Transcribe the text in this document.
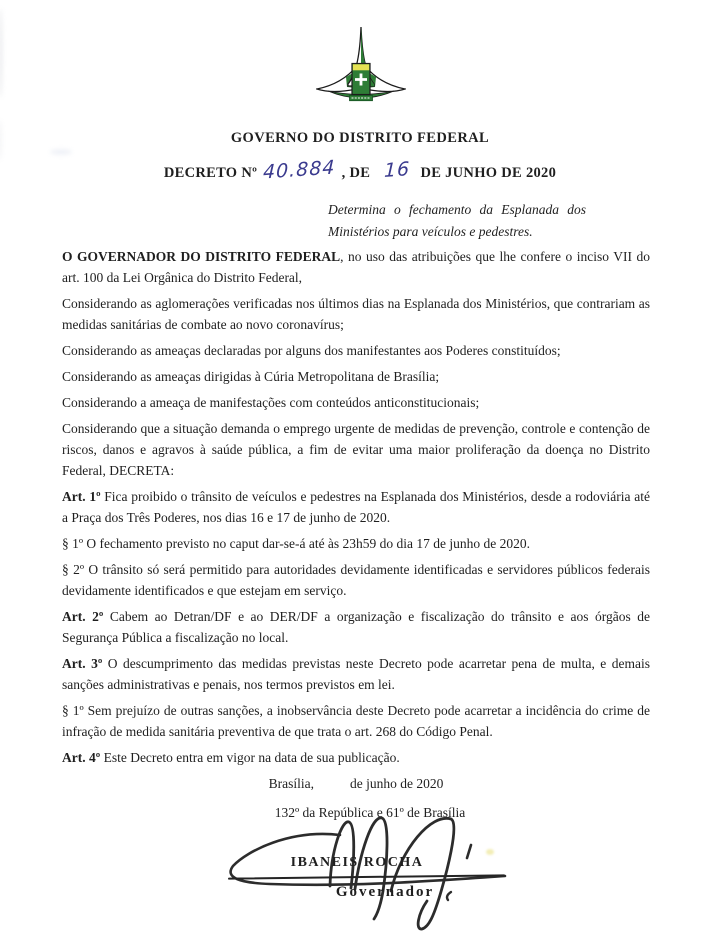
GOVERNO DO DISTRITO FEDERAL
DECRETO Nº 40.884 , DE 16 DE JUNHO DE 2020
Determina o fechamento da Esplanada dos Ministérios para veículos e pedestres.

O GOVERNADOR DO DISTRITO FEDERAL, no uso das atribuições que lhe confere o inciso VII do art. 100 da Lei Orgânica do Distrito Federal,

Considerando as aglomerações verificadas nos últimos dias na Esplanada dos Ministérios, que contrariam as medidas sanitárias de combate ao novo coronavírus;

Considerando as ameaças declaradas por alguns dos manifestantes aos Poderes constituídos;

Considerando as ameaças dirigidas à Cúria Metropolitana de Brasília;

Considerando a ameaça de manifestações com conteúdos anticonstitucionais;

Considerando que a situação demanda o emprego urgente de medidas de prevenção, controle e contenção de riscos, danos e agravos à saúde pública, a fim de evitar uma maior proliferação da doença no Distrito Federal, DECRETA:

Art. 1º Fica proibido o trânsito de veículos e pedestres na Esplanada dos Ministérios, desde a rodoviária até a Praça dos Três Poderes, nos dias 16 e 17 de junho de 2020.

§ 1º O fechamento previsto no caput dar-se-á até às 23h59 do dia 17 de junho de 2020.

§ 2º O trânsito só será permitido para autoridades devidamente identificadas e servidores públicos federais devidamente identificados e que estejam em serviço.

Art. 2º Cabem ao Detran/DF e ao DER/DF a organização e fiscalização do trânsito e aos órgãos de Segurança Pública a fiscalização no local.

Art. 3º O descumprimento das medidas previstas neste Decreto pode acarretar pena de multa, e demais sanções administrativas e penais, nos termos previstos em lei.

§ 1º Sem prejuízo de outras sanções, a inobservância deste Decreto pode acarretar a incidência do crime de infração de medida sanitária preventiva de que trata o art. 268 do Código Penal.

Art. 4º Este Decreto entra em vigor na data de sua publicação.

Brasília,	de junho de 2020
132º da República e 61º de Brasília
IBANEIS ROCHA
Governador
